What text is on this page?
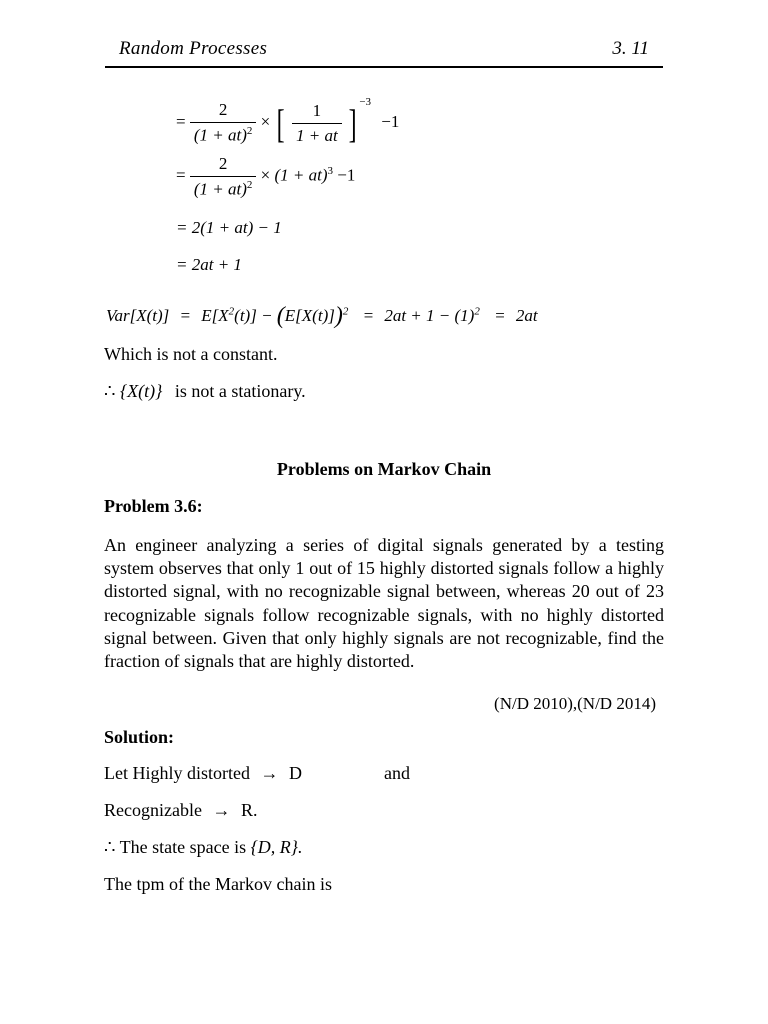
Random Processes	3. 11
= $\frac{2}{(1 + at)^2}$ × [ $\frac{1}{1 + at}$ ] $^{-3}$ −1
= $\frac{2}{(1 + at)^2} \times (1 + at)^3 -1$
= 2(1 + at) − 1
= 2at + 1
$Var[X(t)] = E[X^2(t)] - (E[X(t)])^2 = 2at + 1 - (1)^2 = 2at$
Which is not a constant.
∴ {X(t)} is not a stationary.
Problems on Markov Chain
Problem 3.6:
An engineer analyzing a series of digital signals generated by a testing system observes that only 1 out of 15 highly distorted signals follow a highly distorted signal, with no recognizable signal between, whereas 20 out of 23 recognizable signals follow recognizable signals, with no highly distorted signal between. Given that only highly signals are not recognizable, find the fraction of signals that are highly distorted.
(N/D 2010),(N/D 2014)
Solution:
Let Highly distorted → D	and
Recognizable → R.
∴ The state space is {D, R}.
The tpm of the Markov chain is
